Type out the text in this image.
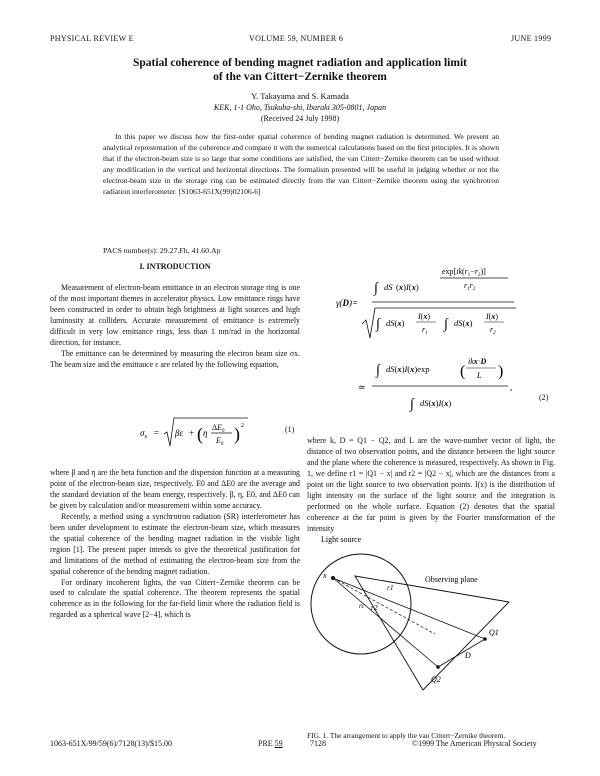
PHYSICAL REVIEW E	VOLUME 59, NUMBER 6	JUNE 1999
Spatial coherence of bending magnet radiation and application limit
of the van Cittert−Zernike theorem
Y. Takayama and S. Kamada
KEK, 1-1 Oho, Tsukuba-shi, Ibaraki 305-0801, Japan
(Received 24 July 1998)
In this paper we discuss how the first-order spatial coherence of bending magnet radiation is determined. We present an analytical representation of the coherence and compare it with the numerical calculations based on the first principles. It is shown that if the electron-beam size is so large that some conditions are satisfied, the van Cittert−Zernike theorem can be used without any modification in the vertical and horizontal directions. The formalism presented will be useful in judging whether or not the electron-beam size in the storage ring can be estimated directly from the van Cittert−Zernike theorem using the synchrotron radiation interferometer. [S1063-651X(99)02106-6]
PACS number(s): 29.27.Fh, 41.60.Ap
I. INTRODUCTION

Measurement of electron-beam emittance in an electron storage ring is one of the most important themes in accelerator physics. Low emittance rings have been constructed in order to obtain high brightness at light sources and high luminosity at colliders. Accurate measurement of emittance is extremely difficult in very low emittance rings, less than 1 nm/rad in the horizontal direction, for instance.

The emittance can be determined by measuring the electron beam size σx. The beam size and the emittance ε are related by the following equation,

$\sigma_x = \beta\varepsilon$ + ( η
$\Delta E_0$
$E_0$
) 2	(1)

where β and η are the beta function and the dispersion function at a measuring point of the electron-beam size, respectively. E0 and ΔE0 are the average and the standard deviation of the beam energy, respectively. β, η, E0, and ΔE0 can be given by calculation and/or measurement within some accuracy.

Recently, a method using a synchrotron radiation (SR) interferometer has been under development to estimate the electron-beam size, which measures the spatial coherence of the bending magnet radiation in the visible light region [1]. The present paper intends to give the theoretical justification for and limitations of the method of estimating the electron-beam size from the spatial coherence of the bending magnet radiation.

For ordinary incoherent lights, the van Cittert−Zernike theorem can be used to calculate the spatial coherence. The theorem represents the spatial coherence as in the following for the far-field limit where the radiation field is regarded as a spherical wave [2−4], which is

γ(D)=
∫ dS (x)I(x)
$\exp[ik(r_1-r_2)]$
$r_1r_2$
∫ dS(x)
I(x)
$r_1$
∫ dS(x)
I(x)
$r_2$
≃
∫ dS(x)I(x)exp (
ikx·D
L )
,
∫ dS(x)I(x)
(2)

where k, D = Q1 − Q2, and L are the wave-number vector of light, the distance of two observation points, and the distance between the light source and the plane where the coherence is measured, respectively. As shown in Fig. 1, we define r1 = |Q1 − x| and r2 = |Q2 − x|, which are the distances from a point on the light source to two observation points. I(x) is the distribution of light intensity on the surface of the light source and the integration is performed on the whole surface. Equation (2) denotes that the spatial coherence at the far point is given by the Fourier transformation of the intensity

Light source
Observing plane
x
r1
r2
rc
Q1
Q2
D
FIG. 1. The arrangement to apply the van Cittert−Zernike theorem.
1063-651X/99/59(6)/7128(13)/$15.00	PRE 59	7128	©1999 The American Physical Society
